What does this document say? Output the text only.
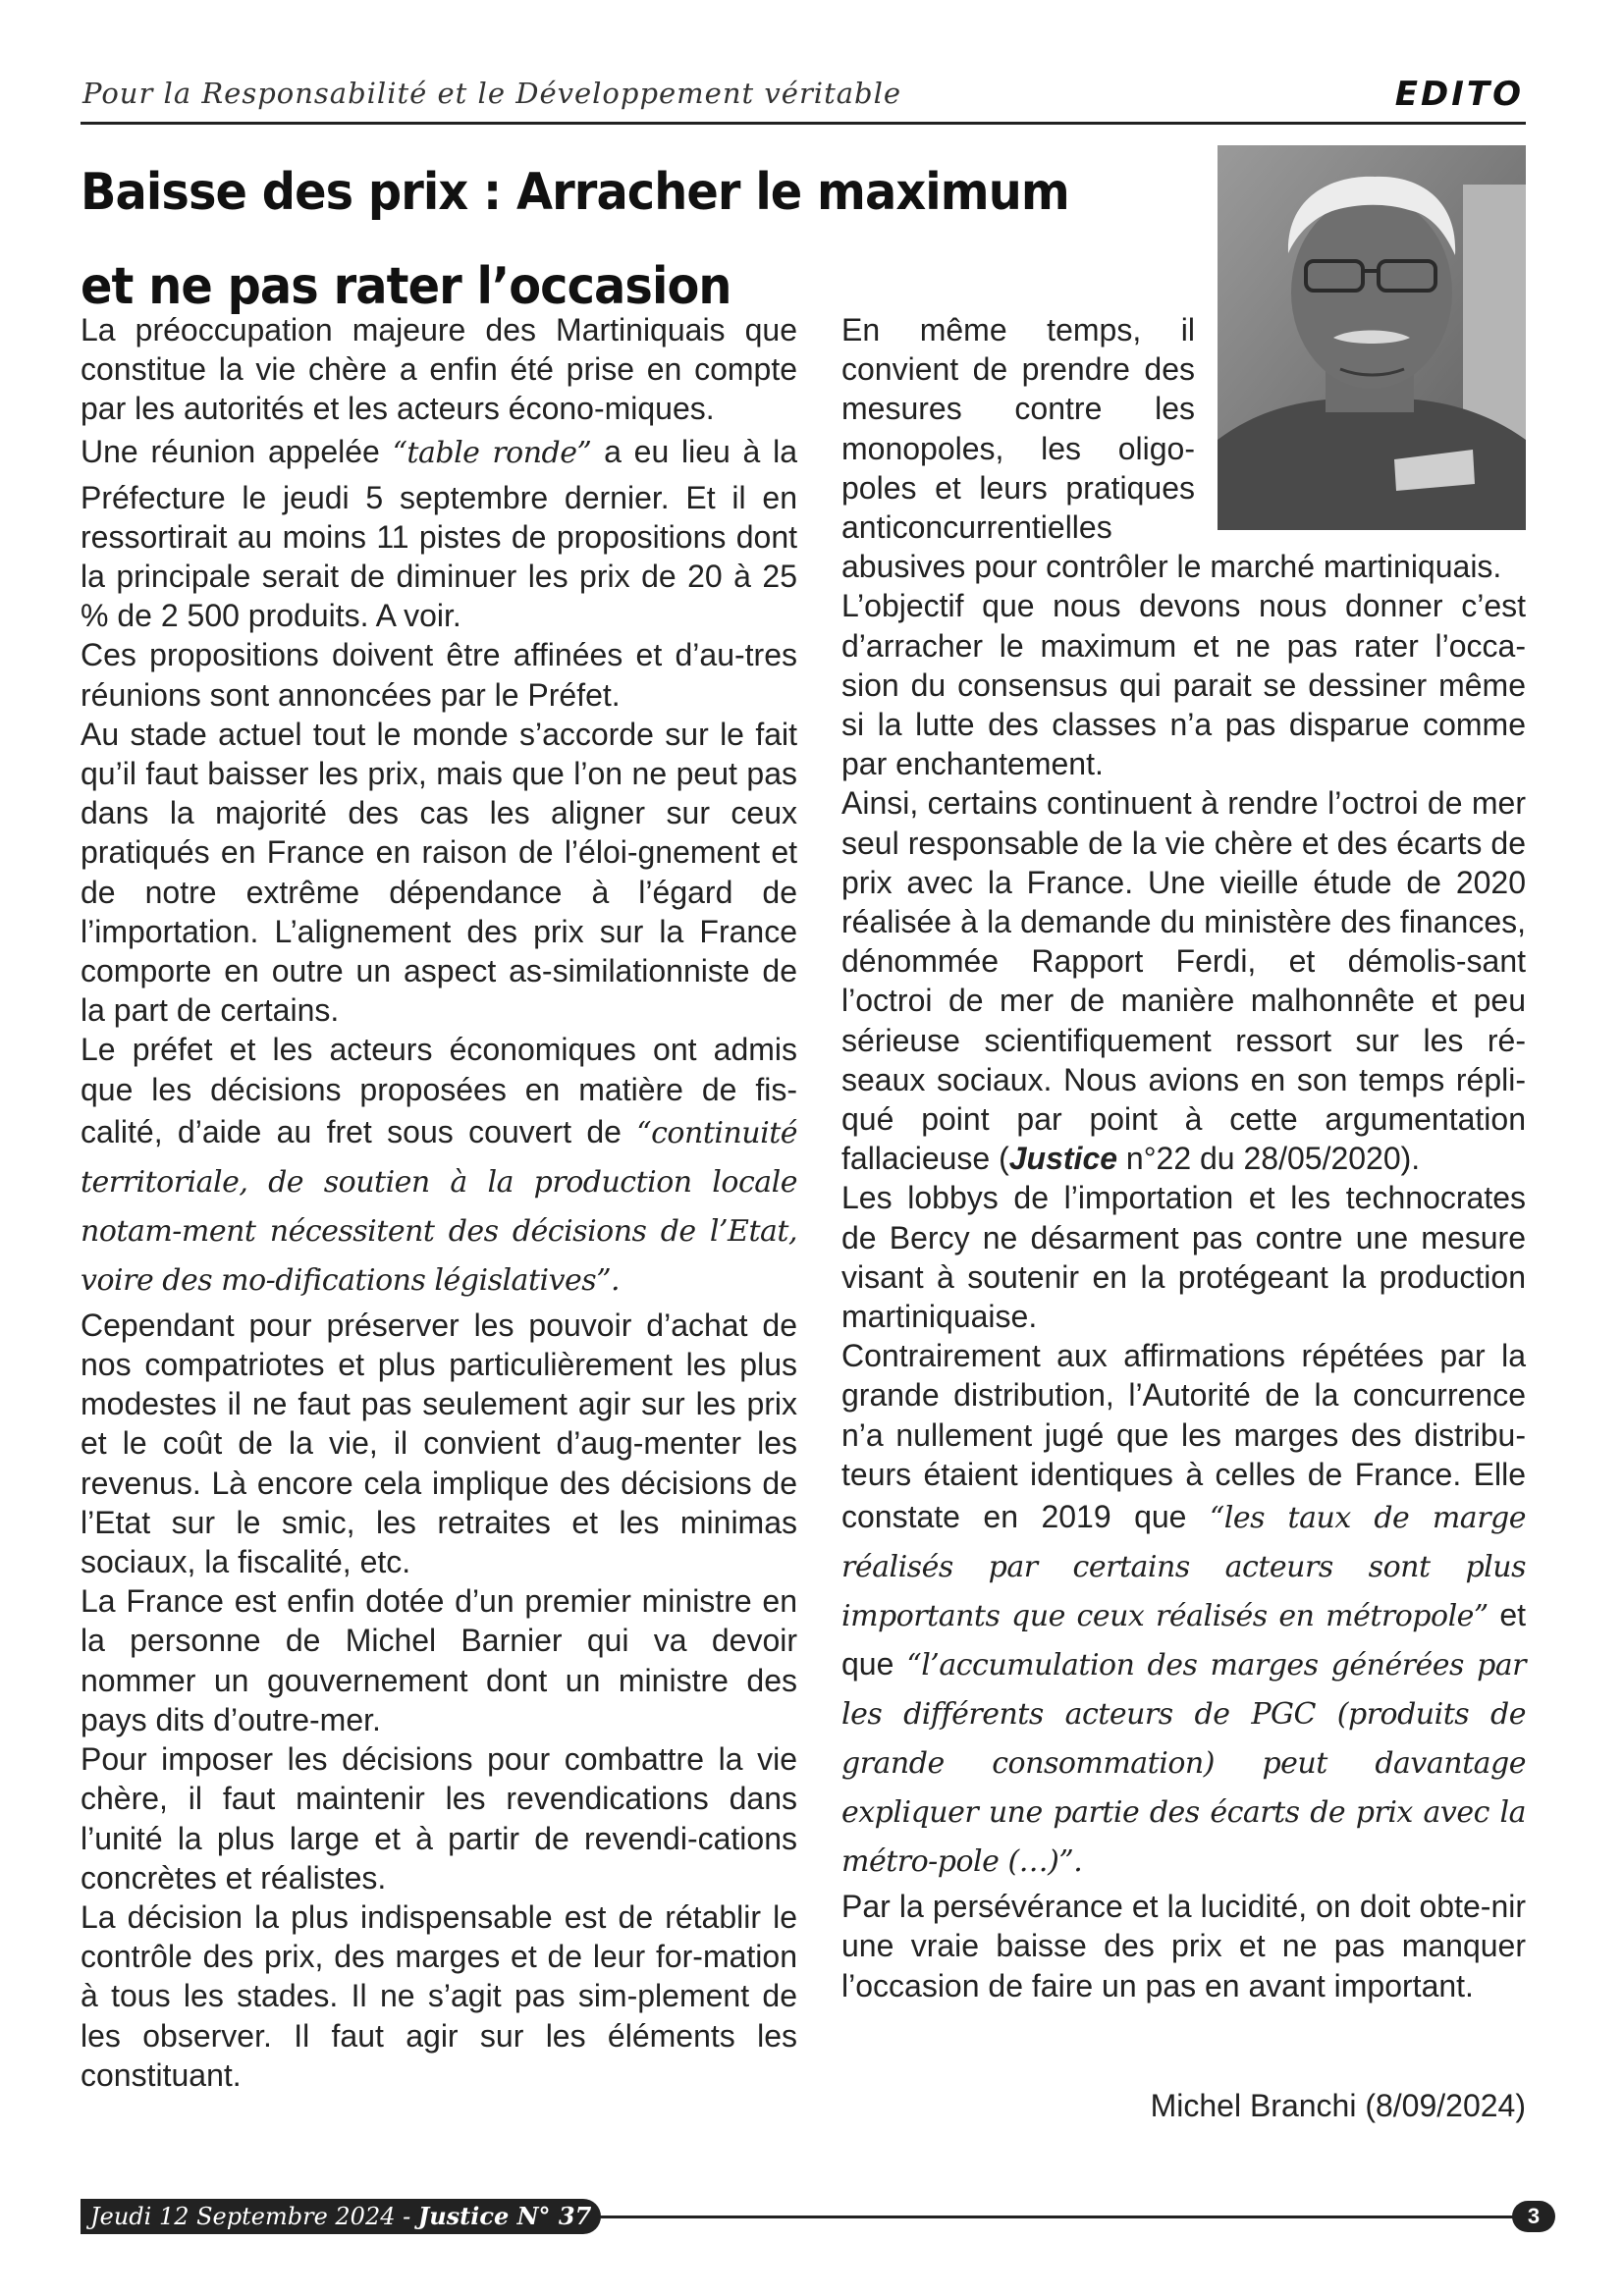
Pour la Responsabilité et le Développement véritable	EDITO
Baisse des prix : Arracher le maximum et ne pas rater l’occasion

La préoccupation majeure des Martiniquais que constitue la vie chère a enfin été prise en compte par les autorités et les acteurs écono-miques.

Une réunion appelée “table ronde” a eu lieu à la Préfecture le jeudi 5 septembre dernier. Et il en ressortirait au moins 11 pistes de propositions dont la principale serait de diminuer les prix de 20 à 25 % de 2 500 produits. A voir.

Ces propositions doivent être affinées et d’au-tres réunions sont annoncées par le Préfet.

Au stade actuel tout le monde s’accorde sur le fait qu’il faut baisser les prix, mais que l’on ne peut pas dans la majorité des cas les aligner sur ceux pratiqués en France en raison de l’éloi-gnement et de notre extrême dépendance à l’égard de l’importation. L’alignement des prix sur la France comporte en outre un aspect as-similationniste de la part de certains.

Le préfet et les acteurs économiques ont admis que les décisions proposées en matière de fis-calité, d’aide au fret sous couvert de “continuité territoriale, de soutien à la production locale notam-ment nécessitent des décisions de l’Etat, voire des mo-difications législatives”.

Cependant pour préserver les pouvoir d’achat de nos compatriotes et plus particulièrement les plus modestes il ne faut pas seulement agir sur les prix et le coût de la vie, il convient d’aug-menter les revenus. Là encore cela implique des décisions de l’Etat sur le smic, les retraites et les minimas sociaux, la fiscalité, etc.

La France est enfin dotée d’un premier ministre en la personne de Michel Barnier qui va devoir nommer un gouvernement dont un ministre des pays dits d’outre-mer.

Pour imposer les décisions pour combattre la vie chère, il faut maintenir les revendications dans l’unité la plus large et à partir de revendi-cations concrètes et réalistes.

La décision la plus indispensable est de rétablir le contrôle des prix, des marges et de leur for-mation à tous les stades. Il ne s’agit pas sim-plement de les observer. Il faut agir sur les éléments les constituant.

En même temps, il convient de prendre des mesures contre les monopoles, les oligo-poles et leurs pratiques anticoncurrentielles

abusives pour contrôler le marché martiniquais.

L’objectif que nous devons nous donner c’est d’arracher le maximum et ne pas rater l’occa-sion du consensus qui parait se dessiner même si la lutte des classes n’a pas disparue comme par enchantement.

Ainsi, certains continuent à rendre l’octroi de mer seul responsable de la vie chère et des écarts de prix avec la France. Une vieille étude de 2020 réalisée à la demande du ministère des finances, dénommée Rapport Ferdi, et démolis-sant l’octroi de mer de manière malhonnête et peu sérieuse scientifiquement ressort sur les ré-seaux sociaux. Nous avions en son temps répli-qué point par point à cette argumentation fallacieuse (Justice n°22 du 28/05/2020).

Les lobbys de l’importation et les technocrates de Bercy ne désarment pas contre une mesure visant à soutenir en la protégeant la production martiniquaise.

Contrairement aux affirmations répétées par la grande distribution, l’Autorité de la concurrence n’a nullement jugé que les marges des distribu-teurs étaient identiques à celles de France. Elle constate en 2019 que “les taux de marge réalisés par certains acteurs sont plus importants que ceux réalisés en métropole” et que “l’accumulation des marges générées par les différents acteurs de PGC (produits de grande consommation) peut davantage expliquer une partie des écarts de prix avec la métro-pole (…)”.

Par la persévérance et la lucidité, on doit obte-nir une vraie baisse des prix et ne pas manquer l’occasion de faire un pas en avant important.

Michel Branchi (8/09/2024)
Jeudi 12 Septembre 2024 - Justice N° 37	3
